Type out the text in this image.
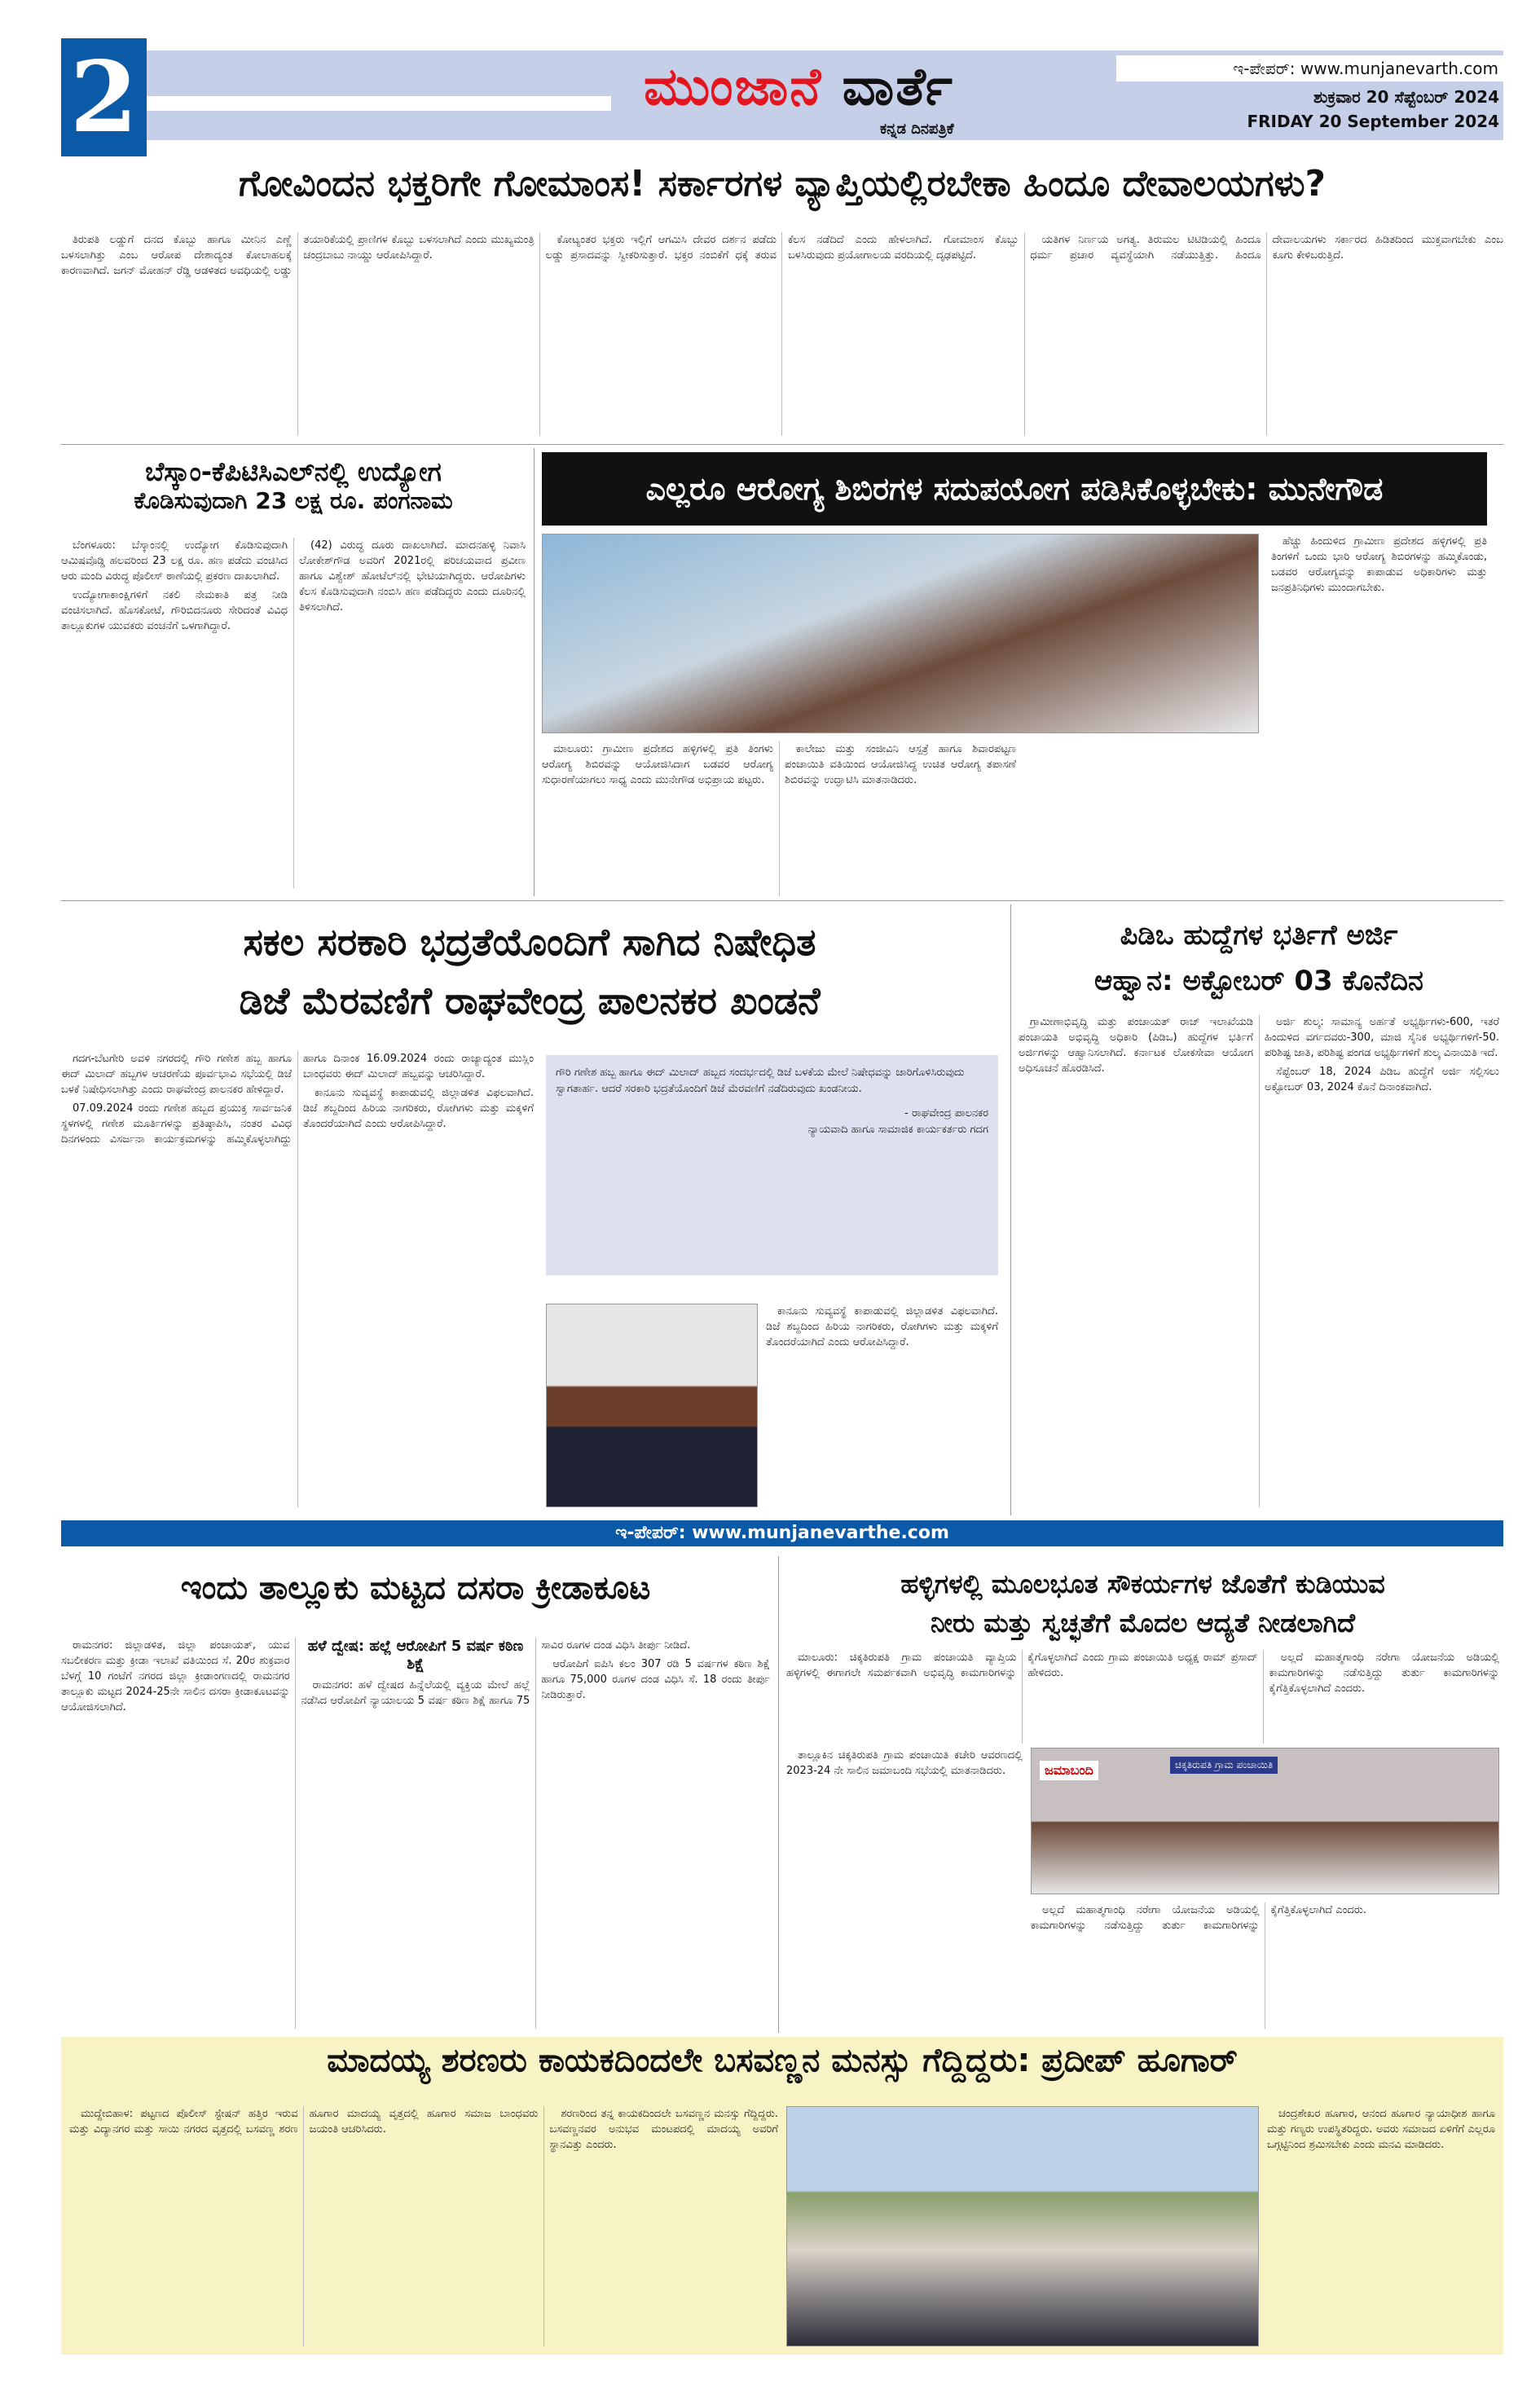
2	ಮುಂಜಾನೆ ವಾರ್ತೆ
ಕನ್ನಡ ದಿನಪತ್ರಿಕೆ
ಇ-ಪೇಪರ್: www.munjanevarth.com
ಶುಕ್ರವಾರ 20 ಸೆಪ್ಟೆಂಬರ್ 2024
FRIDAY 20 September 2024
ಗೋವಿಂದನ ಭಕ್ತರಿಗೇ ಗೋಮಾಂಸ! ಸರ್ಕಾರಗಳ ವ್ಯಾಪ್ತಿಯಲ್ಲಿರಬೇಕಾ ಹಿಂದೂ ದೇವಾಲಯಗಳು?

ತಿರುಪತಿ ಲಡ್ಡುಗೆ ದನದ ಕೊಬ್ಬು ಹಾಗೂ ಮೀನಿನ ಎಣ್ಣೆ ಬಳಸಲಾಗಿತ್ತು ಎಂಬ ಆರೋಪ ದೇಶಾದ್ಯಂತ ಕೋಲಾಹಲಕ್ಕೆ ಕಾರಣವಾಗಿದೆ. ಜಗನ್ ಮೋಹನ್ ರೆಡ್ಡಿ ಆಡಳಿತದ ಅವಧಿಯಲ್ಲಿ ಲಡ್ಡು ತಯಾರಿಕೆಯಲ್ಲಿ ಪ್ರಾಣಿಗಳ ಕೊಬ್ಬು ಬಳಸಲಾಗಿದೆ ಎಂದು ಮುಖ್ಯಮಂತ್ರಿ ಚಂದ್ರಬಾಬು ನಾಯ್ಡು ಆರೋಪಿಸಿದ್ದಾರೆ.

ಕೋಟ್ಯಂತರ ಭಕ್ತರು ಇಲ್ಲಿಗೆ ಆಗಮಿಸಿ ದೇವರ ದರ್ಶನ ಪಡೆದು ಲಡ್ಡು ಪ್ರಸಾದವನ್ನು ಸ್ವೀಕರಿಸುತ್ತಾರೆ. ಭಕ್ತರ ನಂಬಿಕೆಗೆ ಧಕ್ಕೆ ತರುವ ಕೆಲಸ ನಡೆದಿದೆ ಎಂದು ಹೇಳಲಾಗಿದೆ. ಗೋಮಾಂಸ ಕೊಬ್ಬು ಬಳಸಿರುವುದು ಪ್ರಯೋಗಾಲಯ ವರದಿಯಲ್ಲಿ ದೃಢಪಟ್ಟಿದೆ.

ಯತಿಗಳ ನಿರ್ಣಯ ಅಗತ್ಯ. ತಿರುಮಲ ಟಿಟಿಡಿಯಲ್ಲಿ ಹಿಂದೂ ಧರ್ಮ ಪ್ರಚಾರ ವ್ಯವಸ್ಥೆಯಾಗಿ ನಡೆಯುತ್ತಿತ್ತು. ಹಿಂದೂ ದೇವಾಲಯಗಳು ಸರ್ಕಾರದ ಹಿಡಿತದಿಂದ ಮುಕ್ತವಾಗಬೇಕು ಎಂಬ ಕೂಗು ಕೇಳಿಬರುತ್ತಿದೆ.

ಬೆಸ್ಕಾಂ-ಕೆಪಿಟಿಸಿಎಲ್‌ನಲ್ಲಿ ಉದ್ಯೋಗ
ಕೊಡಿಸುವುದಾಗಿ 23 ಲಕ್ಷ ರೂ. ಪಂಗನಾಮ

ಬೆಂಗಳೂರು: ಬೆಸ್ಕಾಂನಲ್ಲಿ ಉದ್ಯೋಗ ಕೊಡಿಸುವುದಾಗಿ ಆಮಿಷವೊಡ್ಡಿ ಹಲವರಿಂದ 23 ಲಕ್ಷ ರೂ. ಹಣ ಪಡೆದು ವಂಚಿಸಿದ ಆರು ಮಂದಿ ವಿರುದ್ಧ ಪೊಲೀಸ್ ಠಾಣೆಯಲ್ಲಿ ಪ್ರಕರಣ ದಾಖಲಾಗಿದೆ.

ಉದ್ಯೋಗಾಕಾಂಕ್ಷಿಗಳಿಗೆ ನಕಲಿ ನೇಮಕಾತಿ ಪತ್ರ ನೀಡಿ ವಂಚಿಸಲಾಗಿದೆ. ಹೊಸಕೋಟೆ, ಗೌರಿಬಿದನೂರು ಸೇರಿದಂತೆ ವಿವಿಧ ತಾಲ್ಲೂಕುಗಳ ಯುವಕರು ವಂಚನೆಗೆ ಒಳಗಾಗಿದ್ದಾರೆ.

(42) ವಿರುದ್ಧ ದೂರು ದಾಖಲಾಗಿದೆ. ಮಾದನಹಳ್ಳಿ ನಿವಾಸಿ ಲೋಕೇಶ್‌ಗೌಡ ಅವರಿಗೆ 2021ರಲ್ಲಿ ಪರಿಚಯವಾದ ಪ್ರವೀಣ ಹಾಗೂ ವಿಶ್ವೇಶ್ ಹೋಟೆಲ್‌ನಲ್ಲಿ ಭೇಟಿಯಾಗಿದ್ದರು. ಆರೋಪಿಗಳು ಕೆಲಸ ಕೊಡಿಸುವುದಾಗಿ ನಂಬಿಸಿ ಹಣ ಪಡೆದಿದ್ದರು ಎಂದು ದೂರಿನಲ್ಲಿ ತಿಳಿಸಲಾಗಿದೆ.

ಎಲ್ಲರೂ ಆರೋಗ್ಯ ಶಿಬಿರಗಳ ಸದುಪಯೋಗ ಪಡಿಸಿಕೊಳ್ಳಬೇಕು: ಮುನೇಗೌಡ

ಮಾಲೂರು: ಗ್ರಾಮೀಣ ಪ್ರದೇಶದ ಹಳ್ಳಿಗಳಲ್ಲಿ ಪ್ರತಿ ತಿಂಗಳು ಆರೋಗ್ಯ ಶಿಬಿರವನ್ನು ಆಯೋಜಿಸಿದಾಗ ಬಡವರ ಆರೋಗ್ಯ ಸುಧಾರಣೆಯಾಗಲು ಸಾಧ್ಯ ಎಂದು ಮುನೇಗೌಡ ಅಭಿಪ್ರಾಯ ಪಟ್ಟರು.

ಕಾಲೇಜು ಮತ್ತು ಸಂಜೀವಿನಿ ಆಸ್ಪತ್ರೆ ಹಾಗೂ ಶಿವಾರಪಟ್ಟಣ ಪಂಚಾಯಿತಿ ವತಿಯಿಂದ ಆಯೋಜಿಸಿದ್ದ ಉಚಿತ ಆರೋಗ್ಯ ತಪಾಸಣೆ ಶಿಬಿರವನ್ನು ಉದ್ಘಾಟಿಸಿ ಮಾತನಾಡಿದರು.

ಹೆಚ್ಚು ಹಿಂದುಳಿದ ಗ್ರಾಮೀಣ ಪ್ರದೇಶದ ಹಳ್ಳಿಗಳಲ್ಲಿ ಪ್ರತಿ ತಿಂಗಳಿಗೆ ಒಂದು ಭಾರಿ ಆರೋಗ್ಯ ಶಿಬಿರಗಳನ್ನು ಹಮ್ಮಿಕೊಂಡು, ಬಡವರ ಆರೋಗ್ಯವನ್ನು ಕಾಪಾಡುವ ಅಧಿಕಾರಿಗಳು ಮತ್ತು ಜನಪ್ರತಿನಿಧಿಗಳು ಮುಂದಾಗಬೇಕು.

ಸಕಲ ಸರಕಾರಿ ಭದ್ರತೆಯೊಂದಿಗೆ ಸಾಗಿದ ನಿಷೇಧಿತ
ಡಿಜೆ ಮೆರವಣಿಗೆ ರಾಘವೇಂದ್ರ ಪಾಲನಕರ ಖಂಡನೆ

ಗದಗ-ಬೆಟಗೇರಿ ಅವಳಿ ನಗರದಲ್ಲಿ ಗೌರಿ ಗಣೇಶ ಹಬ್ಬ ಹಾಗೂ ಈದ್ ಮಿಲಾದ್ ಹಬ್ಬಗಳ ಆಚರಣೆಯ ಪೂರ್ವಭಾವಿ ಸಭೆಯಲ್ಲಿ ಡಿಜೆ ಬಳಕೆ ನಿಷೇಧಿಸಲಾಗಿತ್ತು ಎಂದು ರಾಘವೇಂದ್ರ ಪಾಲನಕರ ಹೇಳಿದ್ದಾರೆ.

07.09.2024 ರಂದು ಗಣೇಶ ಹಬ್ಬದ ಪ್ರಯುಕ್ತ ಸಾರ್ವಜನಿಕ ಸ್ಥಳಗಳಲ್ಲಿ ಗಣೇಶ ಮೂರ್ತಿಗಳನ್ನು ಪ್ರತಿಷ್ಠಾಪಿಸಿ, ನಂತರ ವಿವಿಧ ದಿನಗಳಂದು ವಿಸರ್ಜನಾ ಕಾರ್ಯಕ್ರಮಗಳನ್ನು ಹಮ್ಮಿಕೊಳ್ಳಲಾಗಿದ್ದು ಹಾಗೂ ದಿನಾಂಕ 16.09.2024 ರಂದು ರಾಜ್ಯಾದ್ಯಂತ ಮುಸ್ಲಿಂ ಬಾಂಧವರು ಈದ್ ಮಿಲಾದ್ ಹಬ್ಬವನ್ನು ಆಚರಿಸಿದ್ದಾರೆ.

ಕಾನೂನು ಸುವ್ಯವಸ್ಥೆ ಕಾಪಾಡುವಲ್ಲಿ ಜಿಲ್ಲಾಡಳಿತ ವಿಫಲವಾಗಿದೆ. ಡಿಜೆ ಶಬ್ದದಿಂದ ಹಿರಿಯ ನಾಗರಿಕರು, ರೋಗಿಗಳು ಮತ್ತು ಮಕ್ಕಳಿಗೆ ತೊಂದರೆಯಾಗಿದೆ ಎಂದು ಆರೋಪಿಸಿದ್ದಾರೆ.

ಗೌರಿ ಗಣೇಶ ಹಬ್ಬ ಹಾಗೂ ಈದ್ ಮಿಲಾದ್ ಹಬ್ಬದ ಸಂದರ್ಭದಲ್ಲಿ ಡಿಜೆ ಬಳಕೆಯ ಮೇಲೆ ನಿಷೇಧವನ್ನು ಜಾರಿಗೊಳಿಸಿರುವುದು ಸ್ವಾಗತಾರ್ಹ. ಆದರೆ ಸರಕಾರಿ ಭದ್ರತೆಯೊಂದಿಗೆ ಡಿಜೆ ಮೆರವಣಿಗೆ ನಡೆದಿರುವುದು ಖಂಡನೀಯ.
- ರಾಘವೇಂದ್ರ ಪಾಲನಕರ
ನ್ಯಾಯವಾದಿ ಹಾಗೂ ಸಾಮಾಜಿಕ ಕಾರ್ಯಕರ್ತರು ಗದಗ

ಕಾನೂನು ಸುವ್ಯವಸ್ಥೆ ಕಾಪಾಡುವಲ್ಲಿ ಜಿಲ್ಲಾಡಳಿತ ವಿಫಲವಾಗಿದೆ. ಡಿಜೆ ಶಬ್ದದಿಂದ ಹಿರಿಯ ನಾಗರಿಕರು, ರೋಗಿಗಳು ಮತ್ತು ಮಕ್ಕಳಿಗೆ ತೊಂದರೆಯಾಗಿದೆ ಎಂದು ಆರೋಪಿಸಿದ್ದಾರೆ.

ಪಿಡಿಒ ಹುದ್ದೆಗಳ ಭರ್ತಿಗೆ ಅರ್ಜಿ
ಆಹ್ವಾನ: ಅಕ್ಟೋಬರ್ 03 ಕೊನೆದಿನ

ಗ್ರಾಮೀಣಾಭಿವೃದ್ಧಿ ಮತ್ತು ಪಂಚಾಯತ್ ರಾಜ್ ಇಲಾಖೆಯಡಿ ಪಂಚಾಯತಿ ಅಭಿವೃದ್ಧಿ ಅಧಿಕಾರಿ (ಪಿಡಿಒ) ಹುದ್ದೆಗಳ ಭರ್ತಿಗೆ ಅರ್ಜಿಗಳನ್ನು ಆಹ್ವಾನಿಸಲಾಗಿದೆ. ಕರ್ನಾಟಕ ಲೋಕಸೇವಾ ಆಯೋಗ ಅಧಿಸೂಚನೆ ಹೊರಡಿಸಿದೆ.

ಅರ್ಜಿ ಶುಲ್ಕ: ಸಾಮಾನ್ಯ ಅರ್ಹತೆ ಅಭ್ಯರ್ಥಿಗಳು-600, ಇತರೆ ಹಿಂದುಳಿದ ವರ್ಗದವರು-300, ಮಾಜಿ ಸೈನಿಕ ಅಭ್ಯರ್ಥಿಗಳಿಗೆ-50. ಪರಿಶಿಷ್ಟ ಜಾತಿ, ಪರಿಶಿಷ್ಟ ಪಂಗಡ ಅಭ್ಯರ್ಥಿಗಳಿಗೆ ಶುಲ್ಕ ವಿನಾಯಿತಿ ಇದೆ.

ಸೆಪ್ಟೆಂಬರ್ 18, 2024 ಪಿಡಿಒ ಹುದ್ದೆಗೆ ಅರ್ಜಿ ಸಲ್ಲಿಸಲು ಅಕ್ಟೋಬರ್ 03, 2024 ಕೊನೆ ದಿನಾಂಕವಾಗಿದೆ.

ಇ-ಪೇಪರ್: www.munjanevarthe.com
ಇಂದು ತಾಲ್ಲೂಕು ಮಟ್ಟದ ದಸರಾ ಕ್ರೀಡಾಕೂಟ

ರಾಮನಗರ: ಜಿಲ್ಲಾಡಳಿತ, ಜಿಲ್ಲಾ ಪಂಚಾಯತ್, ಯುವ ಸಬಲೀಕರಣ ಮತ್ತು ಕ್ರೀಡಾ ಇಲಾಖೆ ವತಿಯಿಂದ ಸೆ. 20ರ ಶುಕ್ರವಾರ ಬೆಳಗ್ಗೆ 10 ಗಂಟೆಗೆ ನಗರದ ಜಿಲ್ಲಾ ಕ್ರೀಡಾಂಗಣದಲ್ಲಿ ರಾಮನಗರ ತಾಲ್ಲೂಕು ಮಟ್ಟದ 2024-25ನೇ ಸಾಲಿನ ದಸರಾ ಕ್ರೀಡಾಕೂಟವನ್ನು ಆಯೋಜಿಸಲಾಗಿದೆ.

ಹಳೆ ದ್ವೇಷ: ಹಲ್ಲೆ ಆರೋಪಿಗೆ 5 ವರ್ಷ ಕಠಿಣ ಶಿಕ್ಷೆ

ರಾಮನಗರ: ಹಳೆ ದ್ವೇಷದ ಹಿನ್ನೆಲೆಯಲ್ಲಿ ವ್ಯಕ್ತಿಯ ಮೇಲೆ ಹಲ್ಲೆ ನಡೆಸಿದ ಆರೋಪಿಗೆ ನ್ಯಾಯಾಲಯ 5 ವರ್ಷ ಕಠಿಣ ಶಿಕ್ಷೆ ಹಾಗೂ 75 ಸಾವಿರ ರೂಗಳ ದಂಡ ವಿಧಿಸಿ ತೀರ್ಪು ನೀಡಿದೆ.

ಆರೋಪಿಗೆ ಐಪಿಸಿ ಕಲಂ 307 ರಡಿ 5 ವರ್ಷಗಳ ಕಠಿಣ ಶಿಕ್ಷೆ ಹಾಗೂ 75,000 ರೂಗಳ ದಂಡ ವಿಧಿಸಿ ಸೆ. 18 ರಂದು ತೀರ್ಪು ನೀಡಿರುತ್ತಾರೆ.

ಹಳ್ಳಿಗಳಲ್ಲಿ ಮೂಲಭೂತ ಸೌಕರ್ಯಗಳ ಜೊತೆಗೆ ಕುಡಿಯುವ
ನೀರು ಮತ್ತು ಸ್ವಚ್ಛತೆಗೆ ಮೊದಲ ಆದ್ಯತೆ ನೀಡಲಾಗಿದೆ

ಮಾಲೂರು: ಚಿಕ್ಕತಿರುಪತಿ ಗ್ರಾಮ ಪಂಚಾಯತಿ ವ್ಯಾಪ್ತಿಯ ಹಳ್ಳಿಗಳಲ್ಲಿ ಈಗಾಗಲೇ ಸಮರ್ಪಕವಾಗಿ ಅಭಿವೃದ್ಧಿ ಕಾಮಗಾರಿಗಳನ್ನು ಕೈಗೊಳ್ಳಲಾಗಿದೆ ಎಂದು ಗ್ರಾಮ ಪಂಚಾಯಿತಿ ಅಧ್ಯಕ್ಷ ರಾಮ್ ಪ್ರಸಾದ್ ಹೇಳಿದರು.

ಅಲ್ಲದೆ ಮಹಾತ್ಮಗಾಂಧಿ ನರೇಗಾ ಯೋಜನೆಯ ಅಡಿಯಲ್ಲಿ ಕಾಮಗಾರಿಗಳನ್ನು ನಡೆಸುತ್ತಿದ್ದು ತುರ್ತು ಕಾಮಗಾರಿಗಳನ್ನು ಕೈಗೆತ್ತಿಕೊಳ್ಳಲಾಗಿದೆ ಎಂದರು.

ಜಮಾಬಂದಿ	ಚಿಕ್ಕತಿರುಪತಿ ಗ್ರಾಮ ಪಂಚಾಯಿತಿ

ತಾಲ್ಲೂಕಿನ ಚಿಕ್ಕತಿರುಪತಿ ಗ್ರಾಮ ಪಂಚಾಯಿತಿ ಕಚೇರಿ ಆವರಣದಲ್ಲಿ 2023-24 ನೇ ಸಾಲಿನ ಜಮಾಬಂದಿ ಸಭೆಯಲ್ಲಿ ಮಾತನಾಡಿದರು.

ಅಲ್ಲದೆ ಮಹಾತ್ಮಗಾಂಧಿ ನರೇಗಾ ಯೋಜನೆಯ ಅಡಿಯಲ್ಲಿ ಕಾಮಗಾರಿಗಳನ್ನು ನಡೆಸುತ್ತಿದ್ದು ತುರ್ತು ಕಾಮಗಾರಿಗಳನ್ನು ಕೈಗೆತ್ತಿಕೊಳ್ಳಲಾಗಿದೆ ಎಂದರು.

ಮಾದಯ್ಯ ಶರಣರು ಕಾಯಕದಿಂದಲೇ ಬಸವಣ್ಣನ ಮನಸ್ಸು ಗೆದ್ದಿದ್ದರು: ಪ್ರದೀಪ್ ಹೂಗಾರ್

ಮುದ್ದೇಬಿಹಾಳ: ಪಟ್ಟಣದ ಪೊಲೀಸ್ ಸ್ಟೇಷನ್ ಹತ್ತಿರ ಇರುವ ಮತ್ತು ವಿದ್ಯಾನಗರ ಮತ್ತು ಸಾಯಿ ನಗರದ ವೃತ್ತದಲ್ಲಿ ಬಸವಣ್ಣ ಶರಣ ಹೂಗಾರ ಮಾದಯ್ಯ ವೃತ್ತದಲ್ಲಿ ಹೂಗಾರ ಸಮಾಜ ಬಾಂಧವರು ಜಯಂತಿ ಆಚರಿಸಿದರು.

ಶರಣರಿಂದ ತನ್ನ ಕಾಯಕದಿಂದಲೇ ಬಸವಣ್ಣನ ಮನಸ್ಸು ಗೆದ್ದಿದ್ದರು. ಬಸವಣ್ಣನವರ ಅನುಭವ ಮಂಟಪದಲ್ಲಿ ಮಾದಯ್ಯ ಅವರಿಗೆ ಸ್ಥಾನವಿತ್ತು ಎಂದರು.

ಚಂದ್ರಶೇಖರ ಹೂಗಾರ, ಆನಂದ ಹೂಗಾರ ನ್ಯಾಯಾಧೀಶ ಹಾಗೂ ಮತ್ತು ಗಣ್ಯರು ಉಪಸ್ಥಿತರಿದ್ದರು. ಅವರು ಸಮಾಜದ ಏಳಿಗೆಗೆ ಎಲ್ಲರೂ ಒಗ್ಗಟ್ಟಿನಿಂದ ಶ್ರಮಿಸಬೇಕು ಎಂದು ಮನವಿ ಮಾಡಿದರು.
